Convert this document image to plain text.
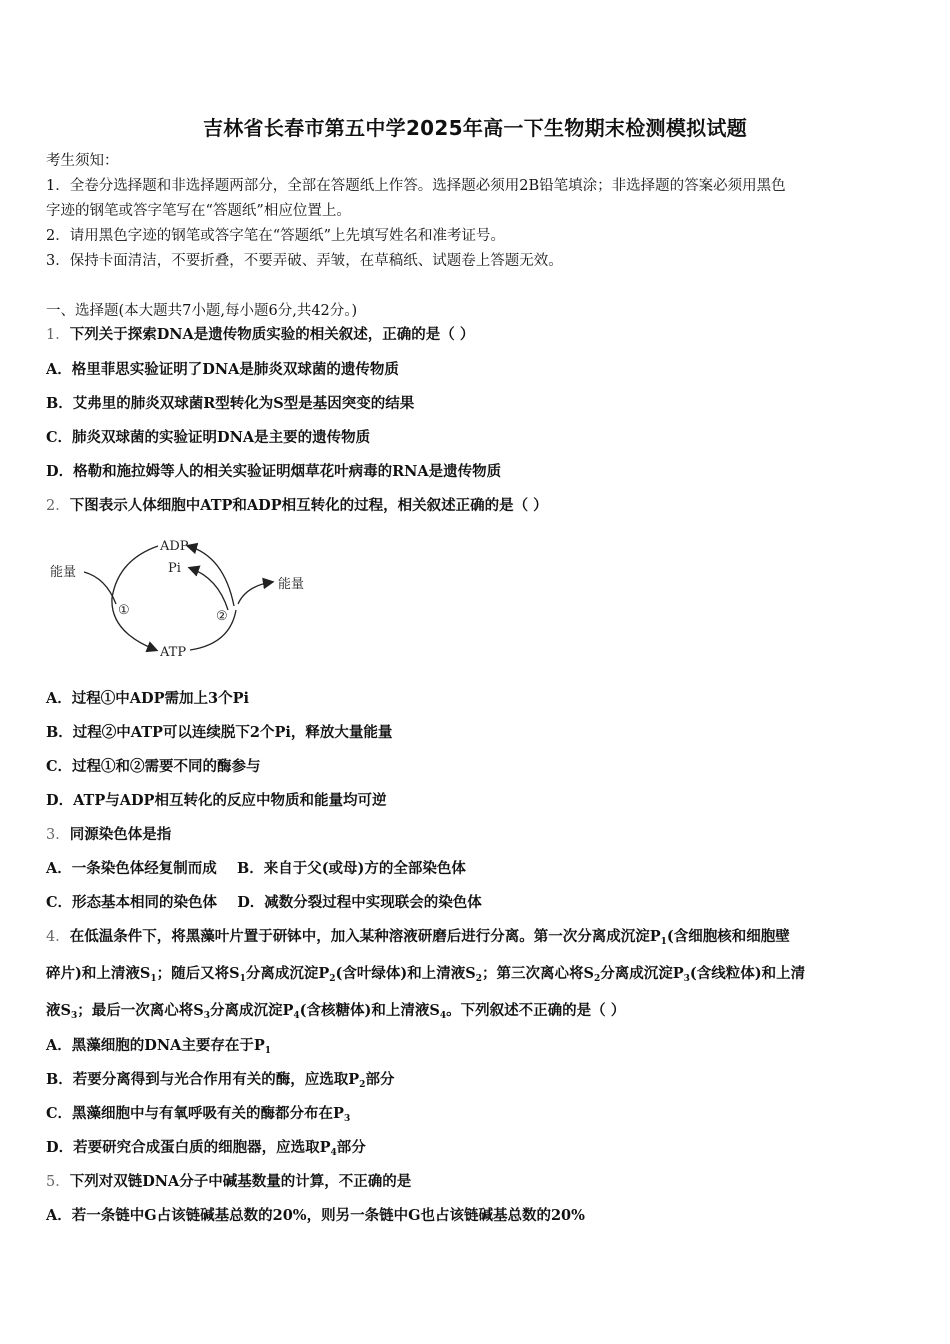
吉林省长春市第五中学2025年高一下生物期末检测模拟试题
考生须知：
1．全卷分选择题和非选择题两部分，全部在答题纸上作答。选择题必须用2B铅笔填涂；非选择题的答案必须用黑色
字迹的钢笔或答字笔写在“答题纸”相应位置上。
2．请用黑色字迹的钢笔或答字笔在“答题纸”上先填写姓名和准考证号。
3．保持卡面清洁，不要折叠，不要弄破、弄皱，在草稿纸、试题卷上答题无效。
一、选择题(本大题共7小题,每小题6分,共42分。)
1．下列关于探索DNA是遗传物质实验的相关叙述，正确的是（ ）
A．格里菲思实验证明了DNA是肺炎双球菌的遗传物质
B．艾弗里的肺炎双球菌R型转化为S型是基因突变的结果
C．肺炎双球菌的实验证明DNA是主要的遗传物质
D．格勒和施拉姆等人的相关实验证明烟草花叶病毒的RNA是遗传物质
2．下图表示人体细胞中ATP和ADP相互转化的过程，相关叙述正确的是（ ）
能量
能量
ADP
Pi
ATP
①	②
A．过程①中ADP需加上3个Pi
B．过程②中ATP可以连续脱下2个Pi，释放大量能量
C．过程①和②需要不同的酶参与
D．ATP与ADP相互转化的反应中物质和能量均可逆
3．同源染色体是指
A．一条染色体经复制而成    B．来自于父(或母)方的全部染色体
C．形态基本相同的染色体    D．减数分裂过程中实现联会的染色体
4．在低温条件下，将黑藻叶片置于研钵中，加入某种溶液研磨后进行分离。第一次分离成沉淀$P_1$(含细胞核和细胞壁
碎片)和上清液$S_1$；随后又将$S_1$分离成沉淀$P_2$(含叶绿体)和上清液$S_2$；第三次离心将$S_2$分离成沉淀$P_3$(含线粒体)和上清
液$S_3$；最后一次离心将$S_3$分离成沉淀$P_4$(含核糖体)和上清液$S_4$。下列叙述不正确的是（ ）
A．黑藻细胞的DNA主要存在于$P_1$
B．若要分离得到与光合作用有关的酶，应选取$P_2$部分
C．黑藻细胞中与有氧呼吸有关的酶都分布在$P_3$
D．若要研究合成蛋白质的细胞器，应选取$P_4$部分
5．下列对双链DNA分子中碱基数量的计算，不正确的是
A．若一条链中G占该链碱基总数的20%，则另一条链中G也占该链碱基总数的20%
